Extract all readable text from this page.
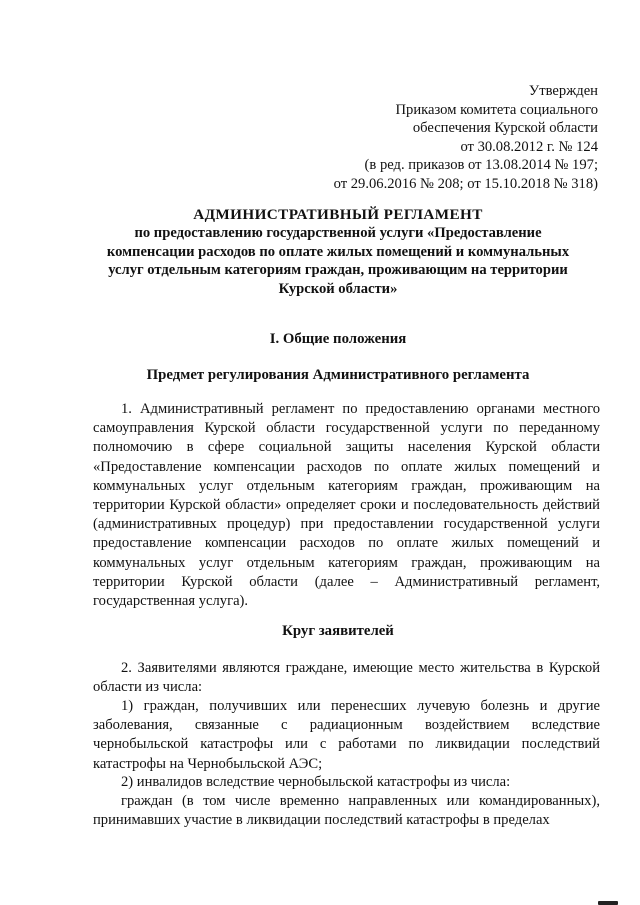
Утвержден
Приказом комитета социального
обеспечения Курской области
от 30.08.2012 г. № 124
(в ред. приказов от 13.08.2014 № 197;
от 29.06.2016 № 208; от 15.10.2018 № 318)
АДМИНИСТРАТИВНЫЙ РЕГЛАМЕНТ
по предоставлению государственной услуги «Предоставление
компенсации расходов по оплате жилых помещений и коммунальных
услуг отдельным категориям граждан, проживающим на территории
Курской области»
I. Общие положения
Предмет регулирования Административного регламента
1. Административный регламент по предоставлению органами местного самоуправления Курской области государственной услуги по переданному полномочию в сфере социальной защиты населения Курской области «Предоставление компенсации расходов по оплате жилых помещений и коммунальных услуг отдельным категориям граждан, проживающим на территории Курской области» определяет сроки и последовательность действий (административных процедур) при предоставлении государственной услуги предоставление компенсации расходов по оплате жилых помещений и коммунальных услуг отдельным категориям граждан, проживающим на территории Курской области (далее – Административный регламент, государственная услуга).
Круг заявителей
2. Заявителями являются граждане, имеющие место жительства в Курской области из числа:
1) граждан, получивших или перенесших лучевую болезнь и другие заболевания, связанные с радиационным воздействием вследствие чернобыльской катастрофы или с работами по ликвидации последствий катастрофы на Чернобыльской АЭС;
2) инвалидов вследствие чернобыльской катастрофы из числа:
граждан (в том числе временно направленных или командированных), принимавших участие в ликвидации последствий катастрофы в пределах
